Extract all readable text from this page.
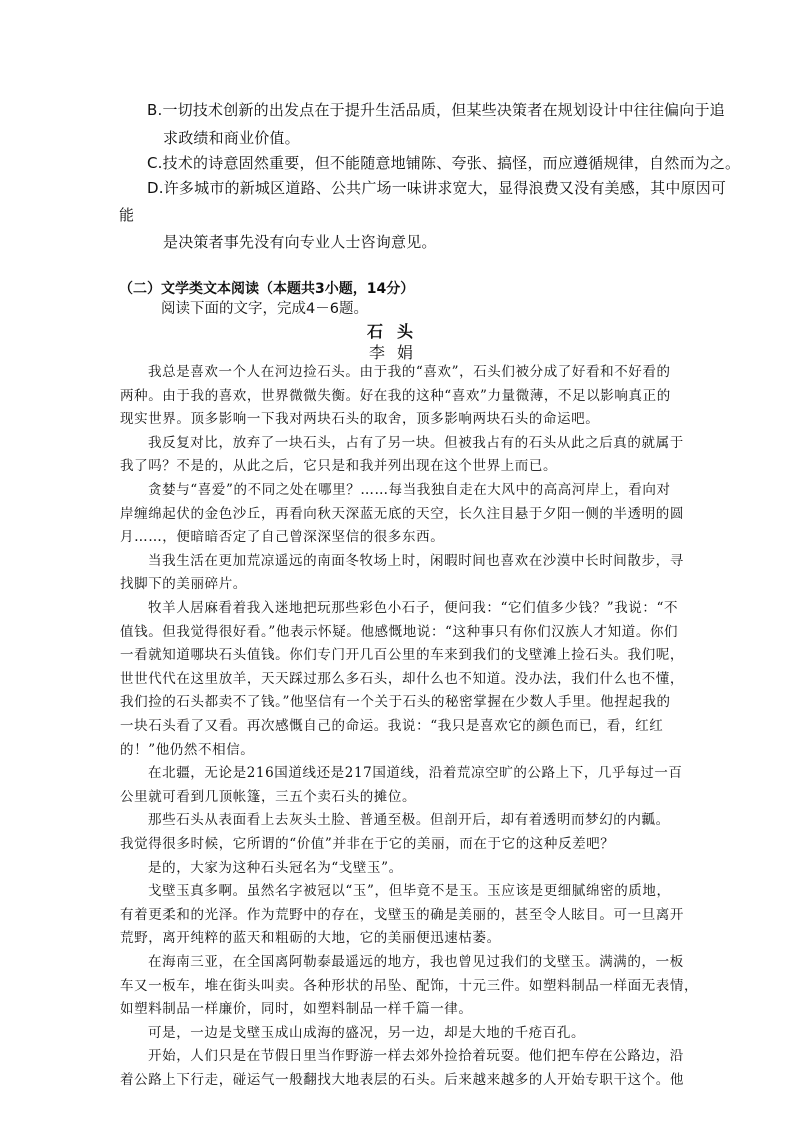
B.一切技术创新的出发点在于提升生活品质，但某些决策者在规划设计中往往偏向于追
求政绩和商业价值。
C.技术的诗意固然重要，但不能随意地铺陈、夸张、搞怪，而应遵循规律，自然而为之。
D.许多城市的新城区道路、公共广场一味讲求宽大，显得浪费又没有美感，其中原因可
能
是决策者事先没有向专业人士咨询意见。
（二）文学类文本阅读（本题共3小题，14分）
阅读下面的文字，完成4－6题。
石头
李娟
我总是喜欢一个人在河边捡石头。由于我的“喜欢”，石头们被分成了好看和不好看的
两种。由于我的喜欢，世界微微失衡。好在我的这种“喜欢”力量微薄，不足以影响真正的
现实世界。顶多影响一下我对两块石头的取舍，顶多影响两块石头的命运吧。
我反复对比，放弃了一块石头，占有了另一块。但被我占有的石头从此之后真的就属于
我了吗？不是的，从此之后，它只是和我并列出现在这个世界上而已。
贪婪与“喜爱”的不同之处在哪里？……每当我独自走在大风中的高高河岸上，看向对
岸缠绵起伏的金色沙丘，再看向秋天深蓝无底的天空，长久注目悬于夕阳一侧的半透明的圆
月……，便暗暗否定了自己曾深深坚信的很多东西。
当我生活在更加荒凉遥远的南面冬牧场上时，闲暇时间也喜欢在沙漠中长时间散步，寻
找脚下的美丽碎片。
牧羊人居麻看着我入迷地把玩那些彩色小石子，便问我：“它们值多少钱？”我说：“不
值钱。但我觉得很好看。”他表示怀疑。他感慨地说：“这种事只有你们汉族人才知道。你们
一看就知道哪块石头值钱。你们专门开几百公里的车来到我们的戈壁滩上捡石头。我们呢，
世世代代在这里放羊，天天踩过那么多石头，却什么也不知道。没办法，我们什么也不懂，
我们捡的石头都卖不了钱。”他坚信有一个关于石头的秘密掌握在少数人手里。他捏起我的
一块石头看了又看。再次感慨自己的命运。我说：“我只是喜欢它的颜色而已，看，红红
的！”他仍然不相信。
在北疆，无论是216国道线还是217国道线，沿着荒凉空旷的公路上下，几乎每过一百
公里就可看到几顶帐篷，三五个卖石头的摊位。
那些石头从表面看上去灰头土脸、普通至极。但剖开后，却有着透明而梦幻的内瓤。
我觉得很多时候，它所谓的“价值”并非在于它的美丽，而在于它的这种反差吧？
是的，大家为这种石头冠名为“戈壁玉”。
戈壁玉真多啊。虽然名字被冠以“玉”，但毕竟不是玉。玉应该是更细腻绵密的质地，
有着更柔和的光泽。作为荒野中的存在，戈壁玉的确是美丽的，甚至令人眩目。可一旦离开
荒野，离开纯粹的蓝天和粗砺的大地，它的美丽便迅速枯萎。
在海南三亚，在全国离阿勒泰最遥远的地方，我也曾见过我们的戈壁玉。满满的，一板
车又一板车，堆在街头叫卖。各种形状的吊坠、配饰，十元三件。如塑料制品一样面无表情，
如塑料制品一样廉价，同时，如塑料制品一样千篇一律。
可是，一边是戈壁玉成山成海的盛况，另一边，却是大地的千疮百孔。
开始，人们只是在节假日里当作野游一样去郊外捡拾着玩耍。他们把车停在公路边，沿
着公路上下行走，碰运气一般翻找大地表层的石头。后来越来越多的人开始专职干这个。他
